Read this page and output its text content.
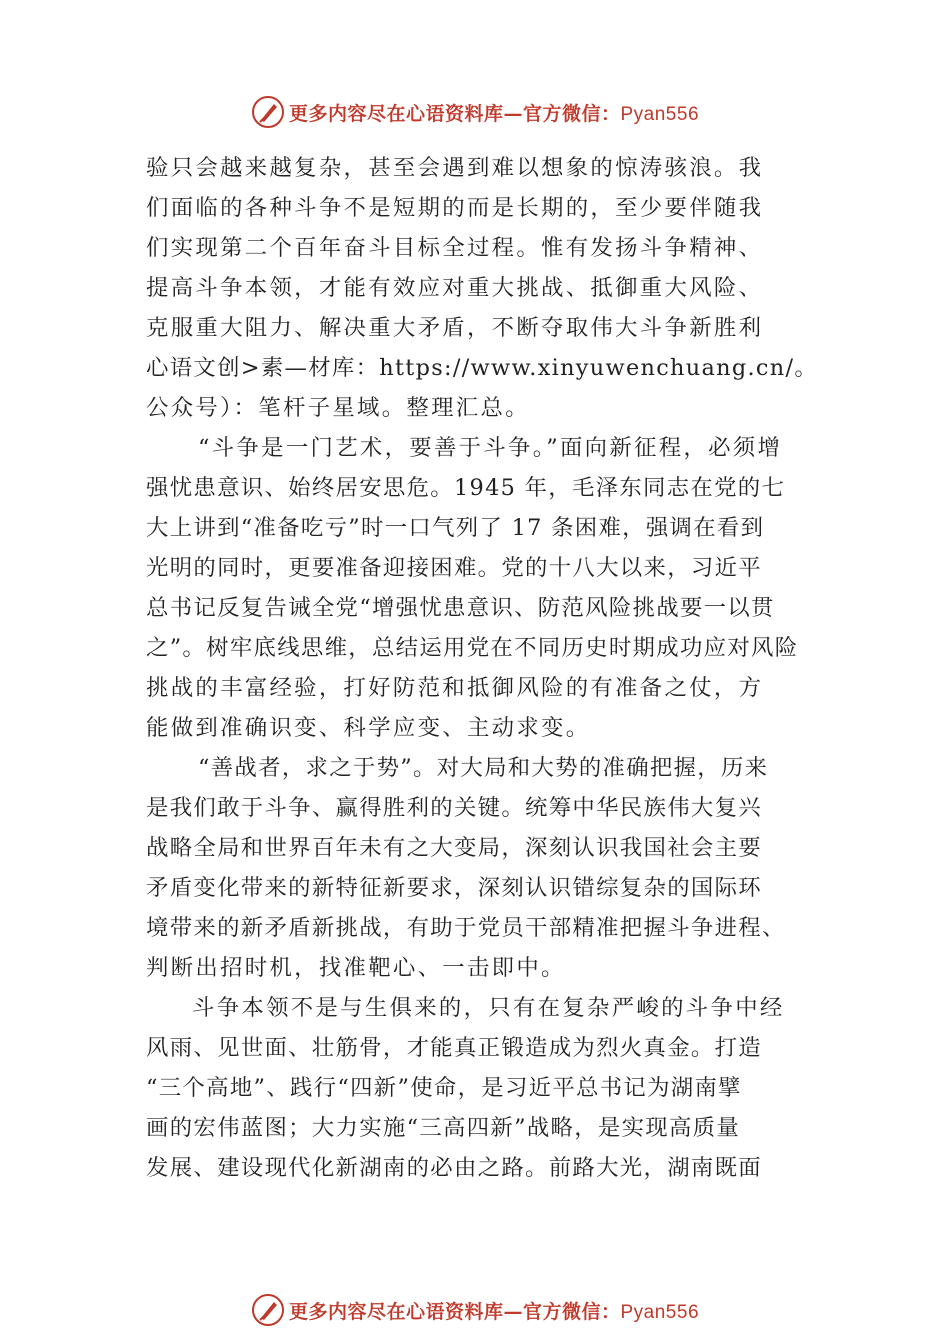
更多内容尽在心语资料库—官方微信：Pyan556
验只会越来越复杂，甚至会遇到难以想象的惊涛骇浪。我
们面临的各种斗争不是短期的而是长期的，至少要伴随我
们实现第二个百年奋斗目标全过程。惟有发扬斗争精神、
提高斗争本领，才能有效应对重大挑战、抵御重大风险、
克服重大阻力、解决重大矛盾，不断夺取伟大斗争新胜利
心语文创>素—材库：https://www.xinyuwenchuang.cn/。
公众号）：笔杆子星域。整理汇总。
“斗争是一门艺术，要善于斗争。”面向新征程，必须增
强忧患意识、始终居安思危。1945 年，毛泽东同志在党的七
大上讲到“准备吃亏”时一口气列了 17 条困难，强调在看到
光明的同时，更要准备迎接困难。党的十八大以来，习近平
总书记反复告诫全党“增强忧患意识、防范风险挑战要一以贯
之”。树牢底线思维，总结运用党在不同历史时期成功应对风险
挑战的丰富经验，打好防范和抵御风险的有准备之仗，方
能做到准确识变、科学应变、主动求变。
“善战者，求之于势”。对大局和大势的准确把握，历来
是我们敢于斗争、赢得胜利的关键。统筹中华民族伟大复兴
战略全局和世界百年未有之大变局，深刻认识我国社会主要
矛盾变化带来的新特征新要求，深刻认识错综复杂的国际环
境带来的新矛盾新挑战，有助于党员干部精准把握斗争进程、
判断出招时机，找准靶心、一击即中。
斗争本领不是与生俱来的，只有在复杂严峻的斗争中经
风雨、见世面、壮筋骨，才能真正锻造成为烈火真金。打造
“三个高地”、践行“四新”使命，是习近平总书记为湖南擘
画的宏伟蓝图；大力实施“三高四新”战略，是实现高质量
发展、建设现代化新湖南的必由之路。前路大光，湖南既面
更多内容尽在心语资料库—官方微信：Pyan556
